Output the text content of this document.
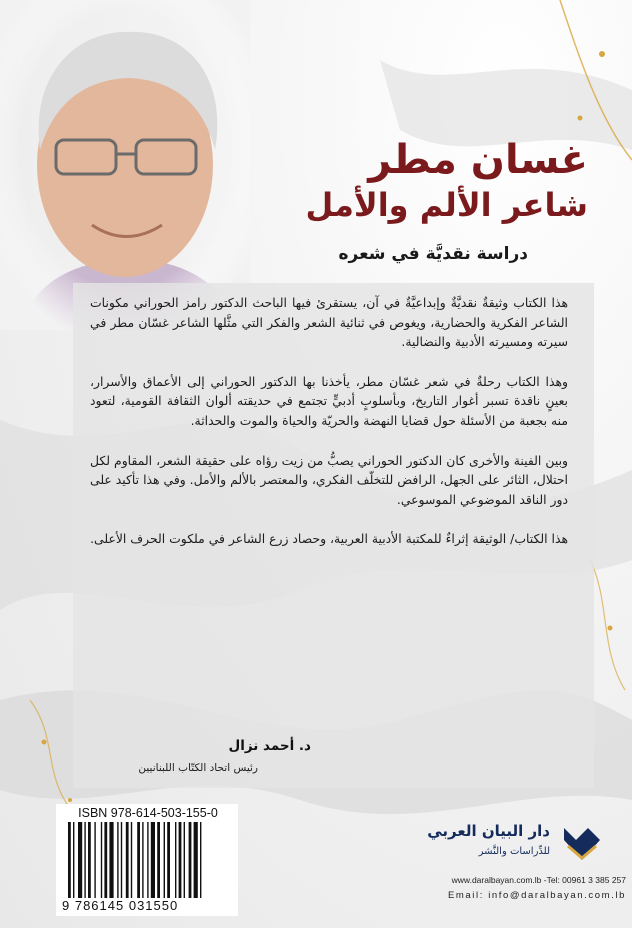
غسان مطر
شاعر الألم والأمل
دراسة نقديَّة في شعره

هذا الكتاب وثيقةٌ نقديَّةٌ وإبداعيَّةٌ في آن، يستقرئ فيها الباحث الدكتور رامز الحوراني مكونات الشاعر الفكرية والحضارية، ويغوص في ثنائية الشعر والفكر التي مثَّلها الشاعر غسّان مطر في سيرته ومسيرته الأدبية والنضالية.

وهذا الكتاب رحلةٌ في شعر غسّان مطر، يأخذنا بها الدكتور الحوراني إلى الأعماق والأسرار، بعينٍ ناقدة تسبر أغوار التاريخ، وبأسلوبٍ أدبيٍّ تجتمع في حديقته ألوان الثقافة القومية، لتعود منه بجعبة من الأسئلة حول قضايا النهضة والحريّة والحياة والموت والحداثة.

وبين الفينة والأخرى كان الدكتور الحوراني يصبُّ من زيت رؤاه على حقيقة الشعر، المقاوم لكل احتلال، الثائر على الجهل، الرافض للتخلّف الفكري، والمعتصر بالألم والأمل. وفي هذا تأكيد على دور الناقد الموضوعي الموسوعي.

هذا الكتاب/ الوثيقة إثراءٌ للمكتبة الأدبية العربية، وحصاد زرع الشاعر في ملكوت الحرف الأعلى.

د. أحمد نزال
رئيس اتحاد الكتّاب اللبنانيين
ISBN 978-614-503-155-0
9 786145 031550
دار البيان العربي
للدِّراسات والنَّشر
www.daralbayan.com.lb -Tel: 00961 3 385 257
Email: info@daralbayan.com.lb
